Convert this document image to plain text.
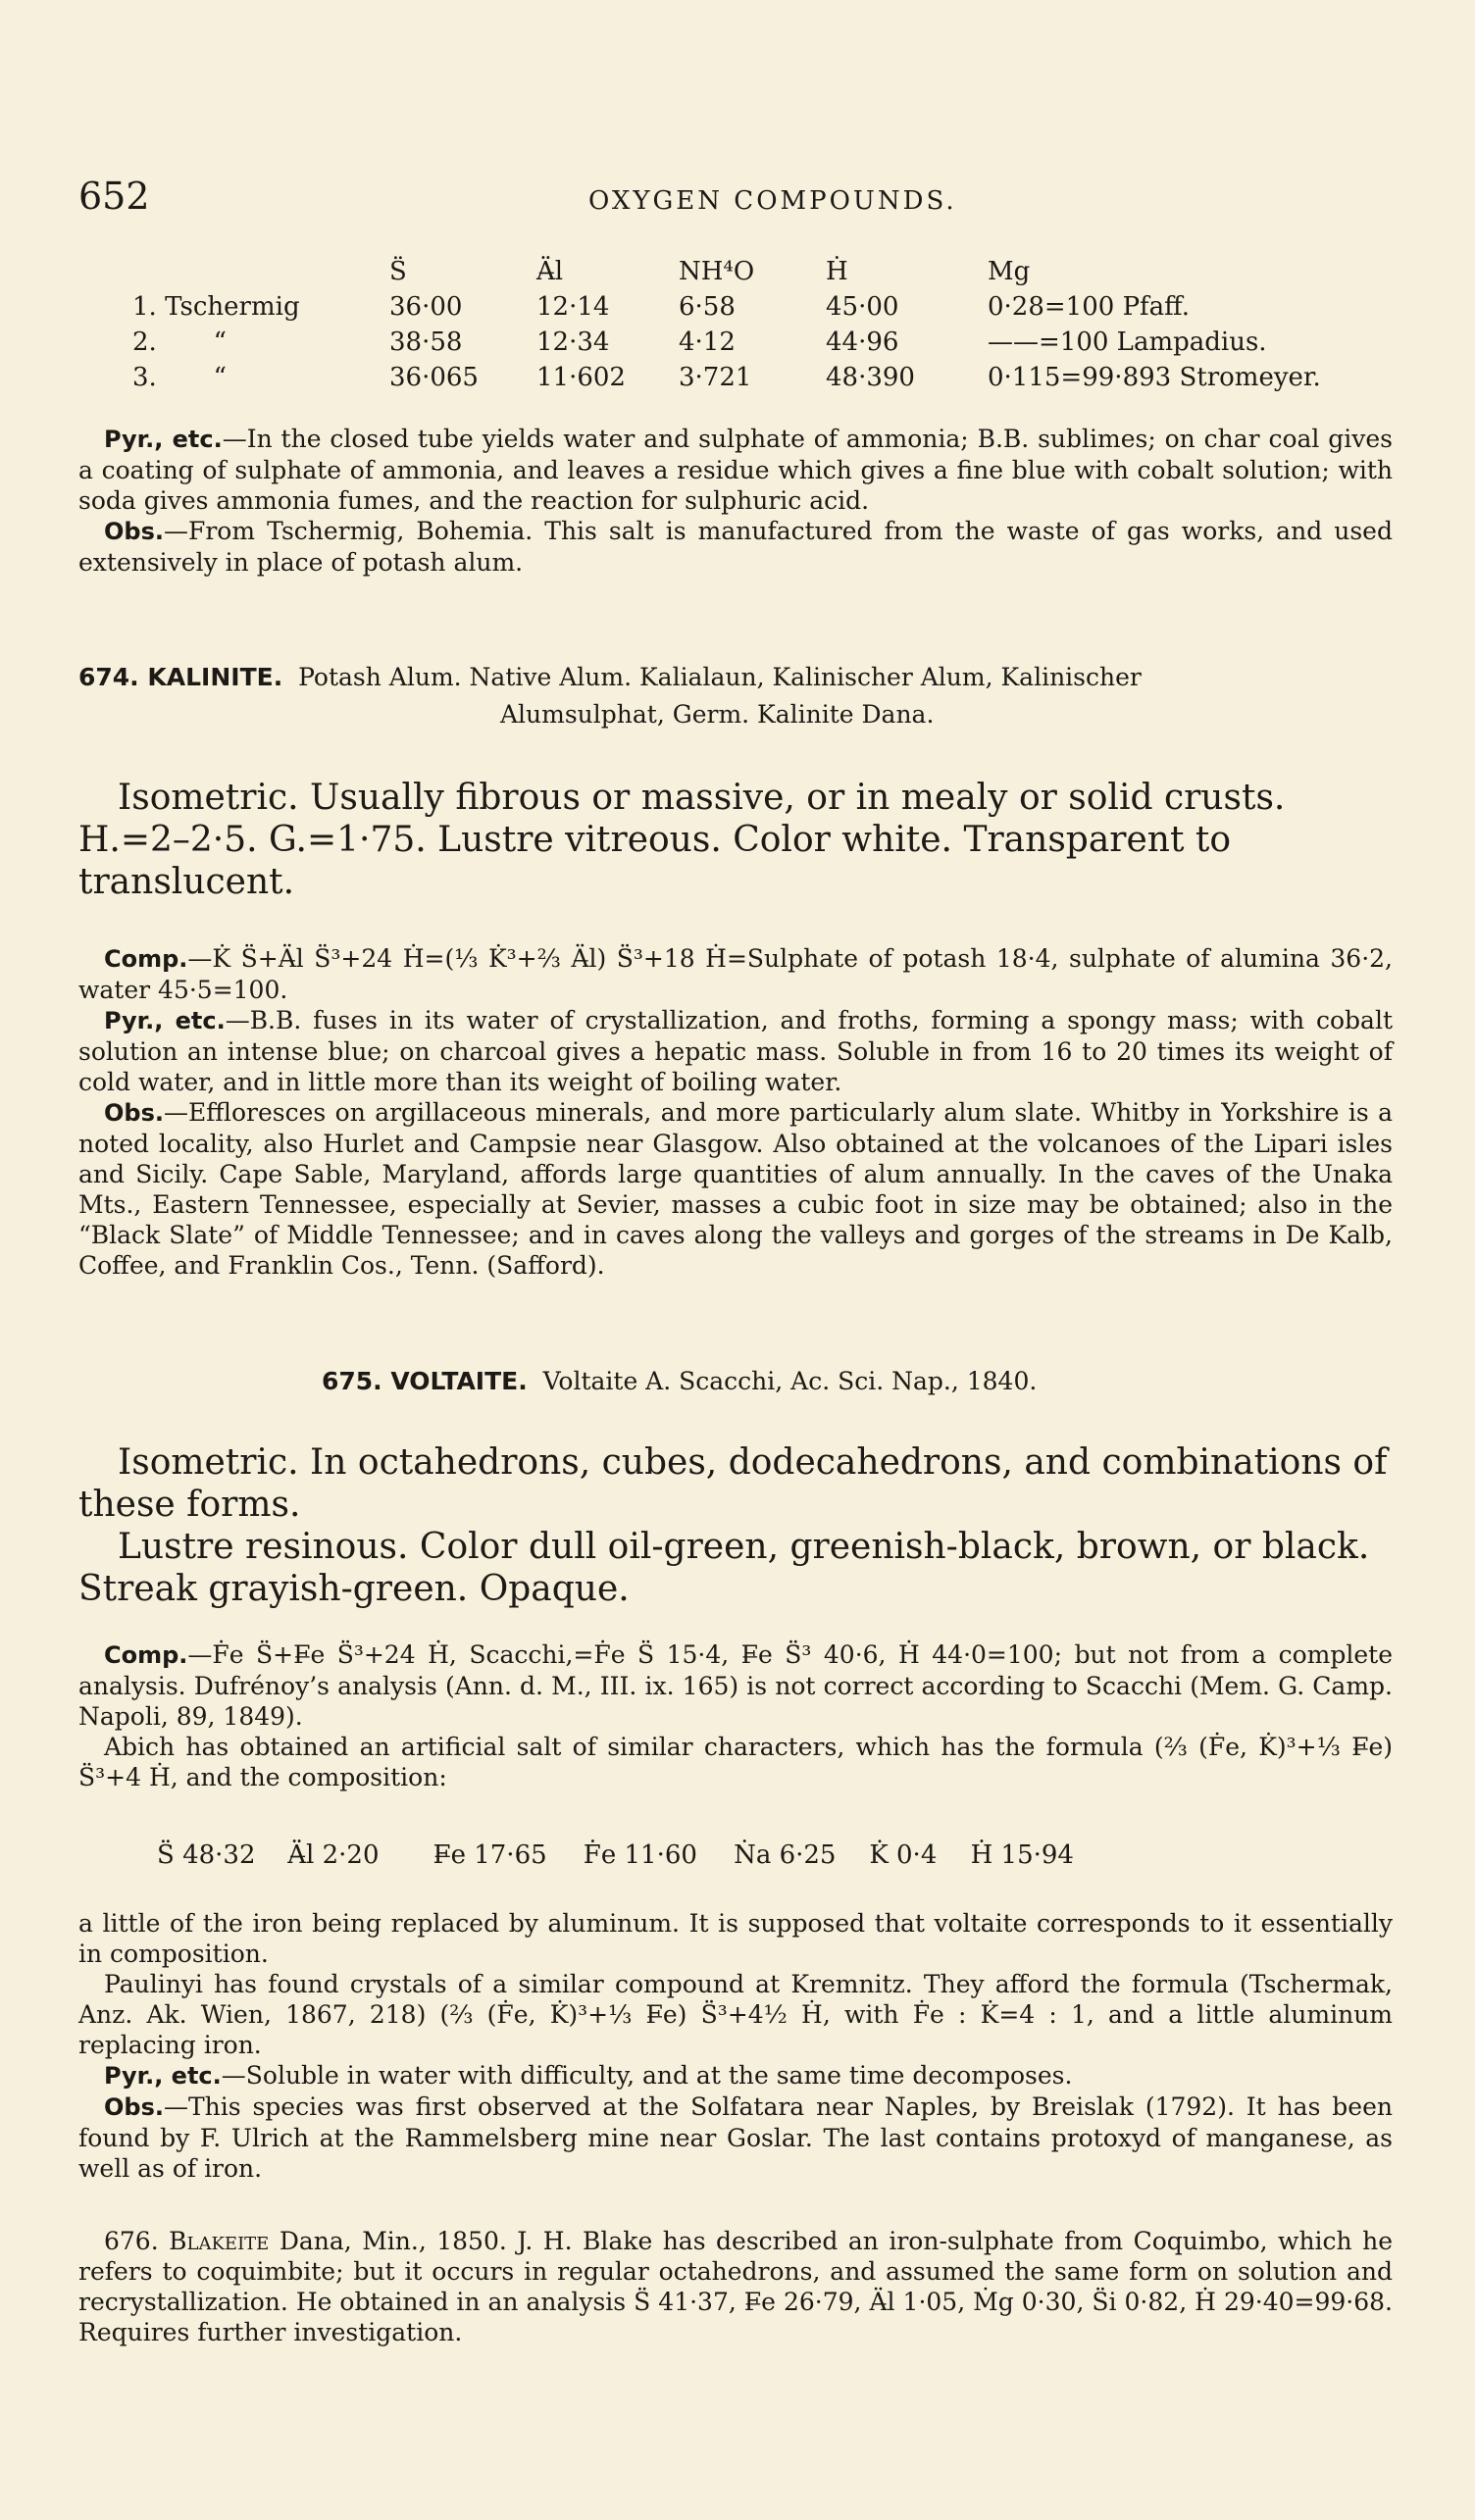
652	OXYGEN COMPOUNDS.
	S̈	Ä̶l	NH⁴O	Ḣ	Mg
1. Tschermig	36·00	12·14	6·58	45·00	0·28=100 Pfaff.
2.       “	38·58	12·34	4·12	44·96	——=100 Lampadius.
3.       “	36·065	11·602	3·721	48·390	0·115=99·893 Stromeyer.

Pyr., etc.—In the closed tube yields water and sulphate of ammonia; B.B. sublimes; on char coal gives a coating of sulphate of ammonia, and leaves a residue which gives a fine blue with cobalt solution; with soda gives ammonia fumes, and the reaction for sulphuric acid.

Obs.—From Tschermig, Bohemia. This salt is manufactured from the waste of gas works, and used extensively in place of potash alum.

674. KALINITE. Potash Alum. Native Alum. Kalialaun, Kalinischer Alum, Kalinischer
Alumsulphat, Germ. Kalinite Dana.

Isometric. Usually fibrous or massive, or in mealy or solid crusts. H.=2–2·5. G.=1·75. Lustre vitreous. Color white. Transparent to translucent.

Comp.—K̇ S̈+Ä̶l S̈³+24 Ḣ=(⅓ K̇³+⅔ Ä̶l) S̈³+18 Ḣ=Sulphate of potash 18·4, sulphate of alumina 36·2, water 45·5=100.

Pyr., etc.—B.B. fuses in its water of crystallization, and froths, forming a spongy mass; with cobalt solution an intense blue; on charcoal gives a hepatic mass. Soluble in from 16 to 20 times its weight of cold water, and in little more than its weight of boiling water.

Obs.—Effloresces on argillaceous minerals, and more particularly alum slate. Whitby in Yorkshire is a noted locality, also Hurlet and Campsie near Glasgow. Also obtained at the volcanoes of the Lipari isles and Sicily. Cape Sable, Maryland, affords large quantities of alum annually. In the caves of the Unaka Mts., Eastern Tennessee, especially at Sevier, masses a cubic foot in size may be obtained; also in the “Black Slate” of Middle Tennessee; and in caves along the valleys and gorges of the streams in De Kalb, Coffee, and Franklin Cos., Tenn. (Safford).

675. VOLTAITE. Voltaite A. Scacchi, Ac. Sci. Nap., 1840.

Isometric. In octahedrons, cubes, dodecahedrons, and combinations of these forms.

Lustre resinous. Color dull oil-green, greenish-black, brown, or black. Streak grayish-green. Opaque.

Comp.—Ḟe S̈+F̶e S̈³+24 Ḣ, Scacchi,=Ḟe S̈ 15·4, F̶e S̈³ 40·6, Ḣ 44·0=100; but not from a complete analysis. Dufrénoy’s analysis (Ann. d. M., III. ix. 165) is not correct according to Scacchi (Mem. G. Camp. Napoli, 89, 1849).

Abich has obtained an artificial salt of similar characters, which has the formula (⅔ (Ḟe, K̇)³+⅓ F̶e) S̈³+4 Ḣ, and the composition:

S̈ 48·32 Ä̶l 2·20 F̶e 17·65 Ḟe 11·60 Ṅa 6·25 K̇ 0·4 Ḣ 15·94

a little of the iron being replaced by aluminum. It is supposed that voltaite corresponds to it essentially in composition.

Paulinyi has found crystals of a similar compound at Kremnitz. They afford the formula (Tschermak, Anz. Ak. Wien, 1867, 218) (⅔ (Ḟe, K̇)³+⅓ F̶e) S̈³+4½ Ḣ, with Ḟe : K̇=4 : 1, and a little aluminum replacing iron.

Pyr., etc.—Soluble in water with difficulty, and at the same time decomposes.

Obs.—This species was first observed at the Solfatara near Naples, by Breislak (1792). It has been found by F. Ulrich at the Rammelsberg mine near Goslar. The last contains protoxyd of manganese, as well as of iron.

676. Blakeite Dana, Min., 1850. J. H. Blake has described an iron-sulphate from Coquimbo, which he refers to coquimbite; but it occurs in regular octahedrons, and assumed the same form on solution and recrystallization. He obtained in an analysis S̈ 41·37, F̶e 26·79, Ä̶l 1·05, Ṁg 0·30, S̈i 0·82, Ḣ 29·40=99·68. Requires further investigation.
